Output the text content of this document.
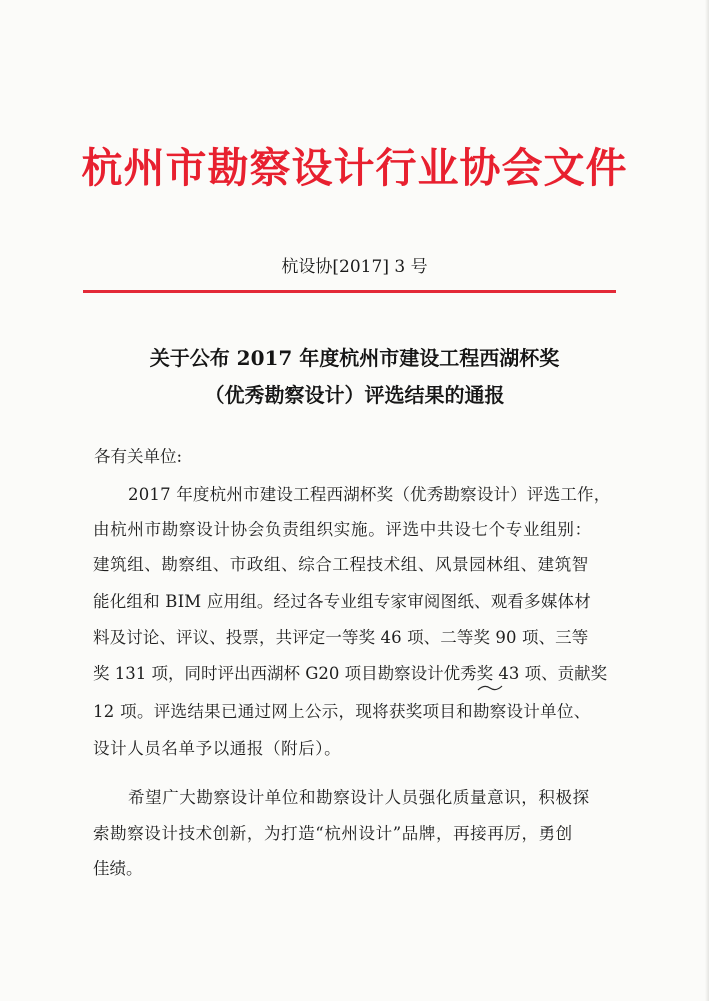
杭州市勘察设计行业协会文件
杭设协[2017] 3 号
关于公布 2017 年度杭州市建设工程西湖杯奖
（优秀勘察设计）评选结果的通报
各有关单位:
2017 年度杭州市建设工程西湖杯奖（优秀勘察设计）评选工作，
由杭州市勘察设计协会负责组织实施。评选中共设七个专业组别：
建筑组、勘察组、市政组、综合工程技术组、风景园林组、建筑智
能化组和 BIM 应用组。经过各专业组专家审阅图纸、观看多媒体材
料及讨论、评议、投票，共评定一等奖 46 项、二等奖 90 项、三等
奖 131 项，同时评出西湖杯 G20 项目勘察设计优秀奖 43 项、贡献奖
12 项。评选结果已通过网上公示，现将获奖项目和勘察设计单位、
设计人员名单予以通报（附后）。
希望广大勘察设计单位和勘察设计人员强化质量意识，积极探
索勘察设计技术创新，为打造“杭州设计”品牌，再接再厉，勇创
佳绩。
